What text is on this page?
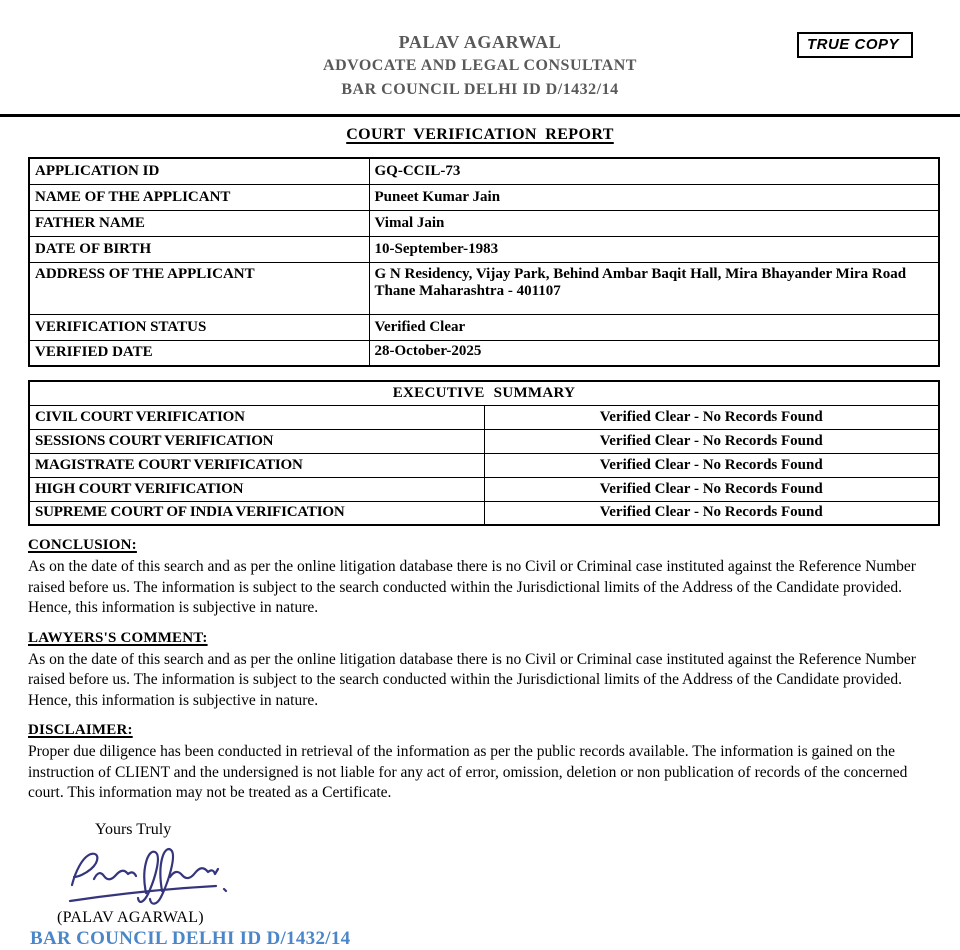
PALAV AGARWAL
ADVOCATE AND LEGAL CONSULTANT
BAR COUNCIL DELHI ID D/1432/14
TRUE COPY
COURT VERIFICATION REPORT
APPLICATION ID	GQ-CCIL-73
NAME OF THE APPLICANT	Puneet Kumar Jain
FATHER NAME	Vimal Jain
DATE OF BIRTH	10-September-1983
ADDRESS OF THE APPLICANT	G N Residency, Vijay Park, Behind Ambar Baqit Hall, Mira Bhayander Mira Road
Thane Maharashtra - 401107

VERIFICATION STATUS	Verified Clear
VERIFIED DATE	28-October-2025
EXECUTIVE SUMMARY	
CIVIL COURT VERIFICATION	Verified Clear - No Records Found
SESSIONS COURT VERIFICATION	Verified Clear - No Records Found
MAGISTRATE COURT VERIFICATION	Verified Clear - No Records Found
HIGH COURT VERIFICATION	Verified Clear - No Records Found
SUPREME COURT OF INDIA VERIFICATION	Verified Clear - No Records Found
CONCLUSION:
As on the date of this search and as per the online litigation database there is no Civil or Criminal case instituted against the Reference Number raised before us. The information is subject to the search conducted within the Jurisdictional limits of the Address of the Candidate provided. Hence, this information is subjective in nature.
LAWYERS'S COMMENT:
As on the date of this search and as per the online litigation database there is no Civil or Criminal case instituted against the Reference Number raised before us. The information is subject to the search conducted within the Jurisdictional limits of the Address of the Candidate provided. Hence, this information is subjective in nature.
DISCLAIMER:
Proper due diligence has been conducted in retrieval of the information as per the public records available. The information is gained on the instruction of CLIENT and the undersigned is not liable for any act of error, omission, deletion or non publication of records of the concerned court. This information may not be treated as a Certificate.
Yours Truly
(PALAV AGARWAL)
BAR COUNCIL DELHI ID D/1432/14
